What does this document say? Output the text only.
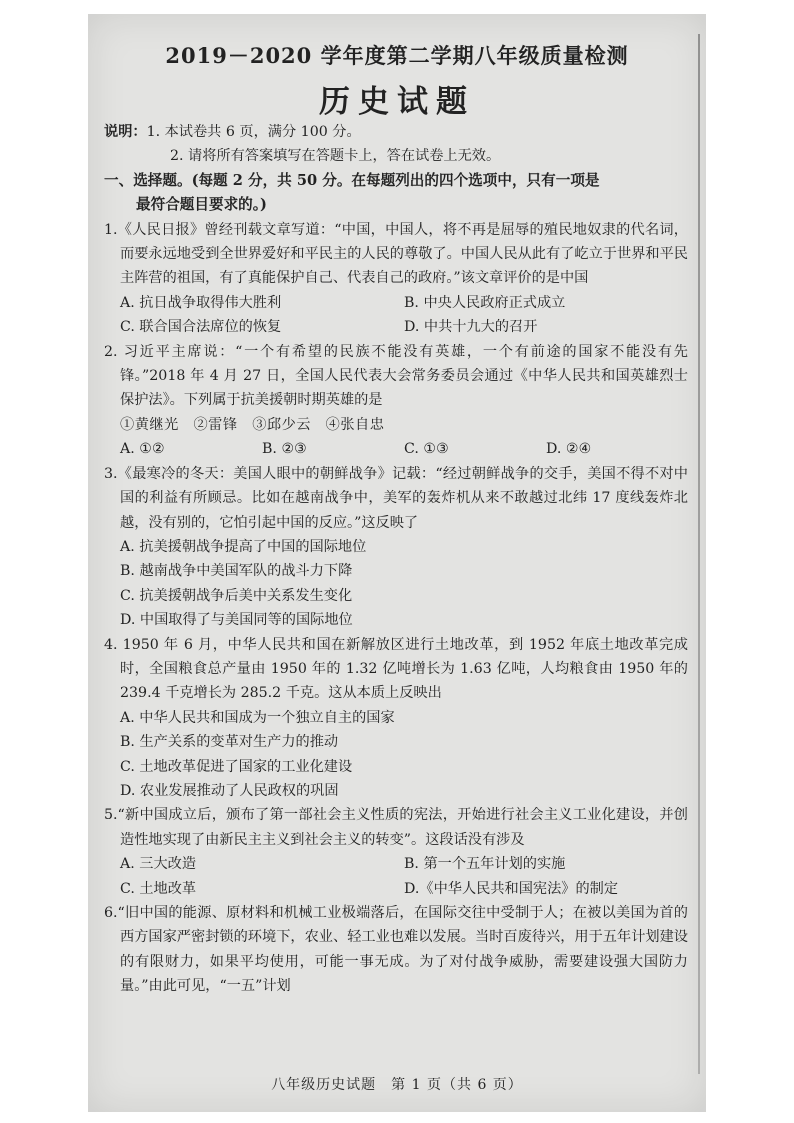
2019－2020 学年度第二学期八年级质量检测
历史试题
说明： 1. 本试卷共 6 页，满分 100 分。
2. 请将所有答案填写在答题卡上，答在试卷上无效。
一、选择题。(每题 2 分，共 50 分。在每题列出的四个选项中，只有一项是
最符合题目要求的。)
1.《人民日报》曾经刊载文章写道：“中国，中国人，将不再是屈辱的殖民地奴隶的代名词，而要永远地受到全世界爱好和平民主的人民的尊敬了。中国人民从此有了屹立于世界和平民主阵营的祖国，有了真能保护自己、代表自己的政府。”该文章评价的是中国
A. 抗日战争取得伟大胜利	B. 中央人民政府正式成立
C. 联合国合法席位的恢复	D. 中共十九大的召开
2. 习近平主席说：“一个有希望的民族不能没有英雄，一个有前途的国家不能没有先锋。”2018 年 4 月 27 日，全国人民代表大会常务委员会通过《中华人民共和国英雄烈士保护法》。下列属于抗美援朝时期英雄的是
①黄继光　②雷锋　③邱少云　④张自忠
A. ①②	B. ②③	C. ①③	D. ②④
3.《最寒冷的冬天：美国人眼中的朝鲜战争》记载：“经过朝鲜战争的交手，美国不得不对中国的利益有所顾忌。比如在越南战争中，美军的轰炸机从来不敢越过北纬 17 度线轰炸北越，没有别的，它怕引起中国的反应。”这反映了
A. 抗美援朝战争提高了中国的国际地位
B. 越南战争中美国军队的战斗力下降
C. 抗美援朝战争后美中关系发生变化
D. 中国取得了与美国同等的国际地位
4. 1950 年 6 月，中华人民共和国在新解放区进行土地改革，到 1952 年底土地改革完成时，全国粮食总产量由 1950 年的 1.32 亿吨增长为 1.63 亿吨，人均粮食由 1950 年的 239.4 千克增长为 285.2 千克。这从本质上反映出
A. 中华人民共和国成为一个独立自主的国家
B. 生产关系的变革对生产力的推动
C. 土地改革促进了国家的工业化建设
D. 农业发展推动了人民政权的巩固
5.“新中国成立后，颁布了第一部社会主义性质的宪法，开始进行社会主义工业化建设，并创造性地实现了由新民主主义到社会主义的转变”。这段话没有涉及
A. 三大改造	B. 第一个五年计划的实施
C. 土地改革	D.《中华人民共和国宪法》的制定
6.“旧中国的能源、原材料和机械工业极端落后，在国际交往中受制于人；在被以美国为首的西方国家严密封锁的环境下，农业、轻工业也难以发展。当时百废待兴，用于五年计划建设的有限财力，如果平均使用，可能一事无成。为了对付战争威胁，需要建设强大国防力量。”由此可见，“一五”计划
八年级历史试题　第 1 页（共 6 页）
